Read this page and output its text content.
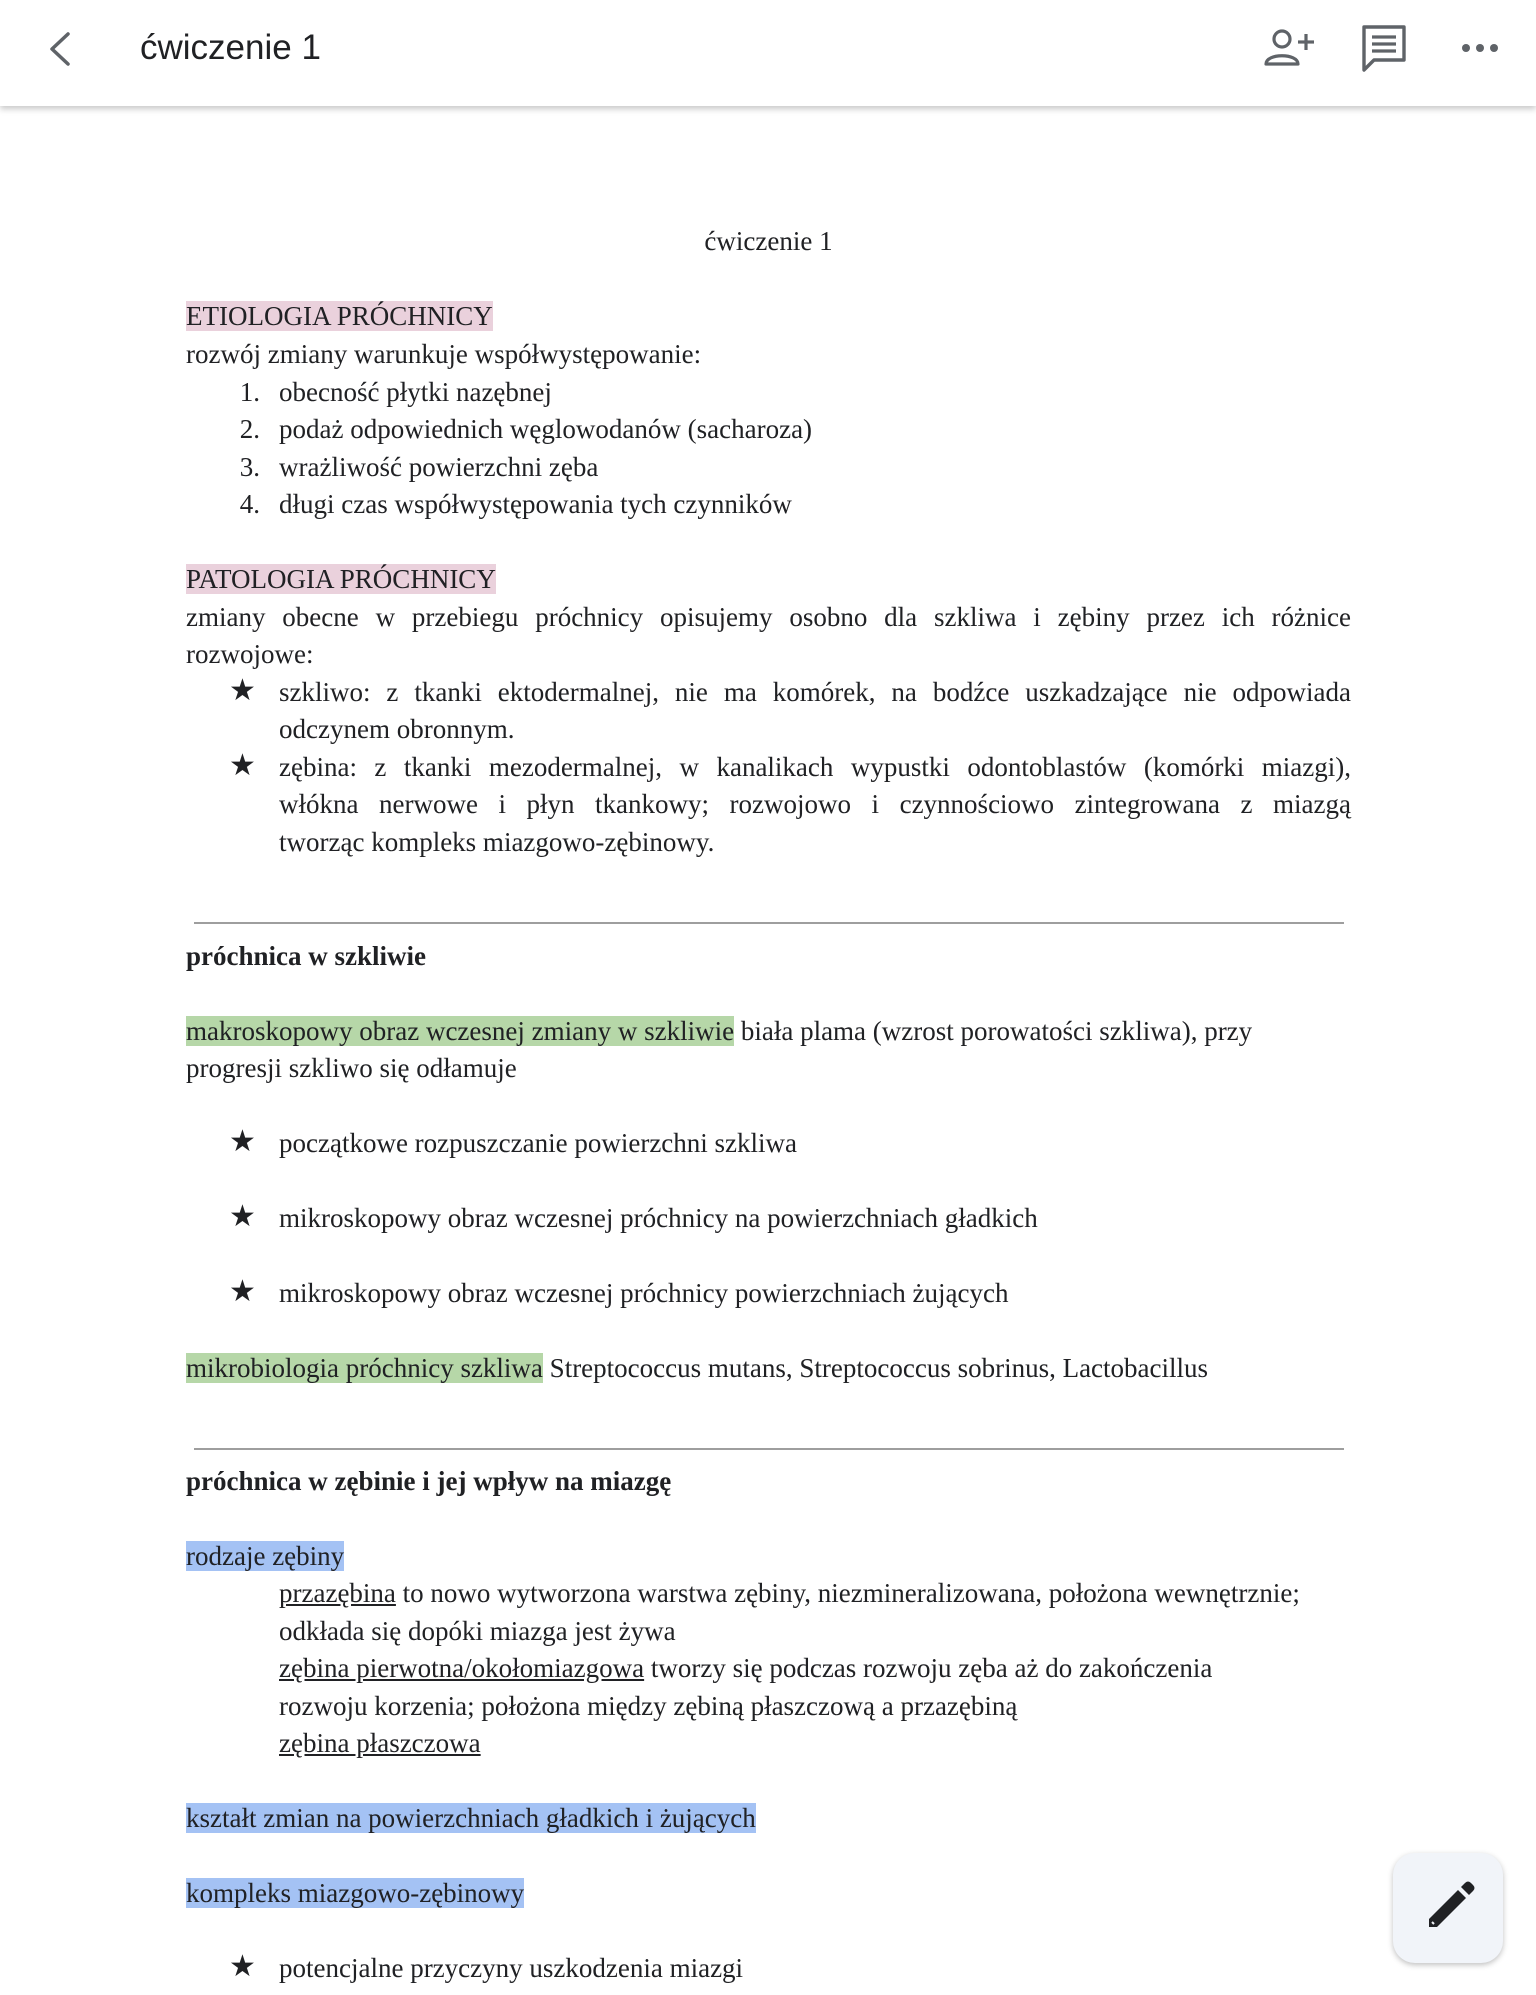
ćwiczenie 1
ćwiczenie 1
ETIOLOGIA PRÓCHNICY
rozwój zmiany warunkuje współwystępowanie:
1. obecność płytki nazębnej
2. podaż odpowiednich węglowodanów (sacharoza)
3. wrażliwość powierzchni zęba
4. długi czas współwystępowania tych czynników
PATOLOGIA PRÓCHNICY
zmiany obecne w przebiegu próchnicy opisujemy osobno dla szkliwa i zębiny przez ich różnice
rozwojowe:
★ szkliwo: z tkanki ektodermalnej, nie ma komórek, na bodźce uszkadzające nie odpowiada
odczynem obronnym.
★ zębina: z tkanki mezodermalnej, w kanalikach wypustki odontoblastów (komórki miazgi),
włókna nerwowe i płyn tkankowy; rozwojowo i czynnościowo zintegrowana z miazgą
tworząc kompleks miazgowo-zębinowy.
próchnica w szkliwie
makroskopowy obraz wczesnej zmiany w szkliwie biała plama (wzrost porowatości szkliwa), przy
progresji szkliwo się odłamuje
★ początkowe rozpuszczanie powierzchni szkliwa
★ mikroskopowy obraz wczesnej próchnicy na powierzchniach gładkich
★ mikroskopowy obraz wczesnej próchnicy powierzchniach żujących
mikrobiologia próchnicy szkliwa Streptococcus mutans, Streptococcus sobrinus, Lactobacillus
próchnica w zębinie i jej wpływ na miazgę
rodzaje zębiny
przazębina to nowo wytworzona warstwa zębiny, niezmineralizowana, położona wewnętrznie;
odkłada się dopóki miazga jest żywa
zębina pierwotna/okołomiazgowa tworzy się podczas rozwoju zęba aż do zakończenia
rozwoju korzenia; położona między zębiną płaszczową a przazębiną
zębina płaszczowa
kształt zmian na powierzchniach gładkich i żujących
kompleks miazgowo-zębinowy
★ potencjalne przyczyny uszkodzenia miazgi
